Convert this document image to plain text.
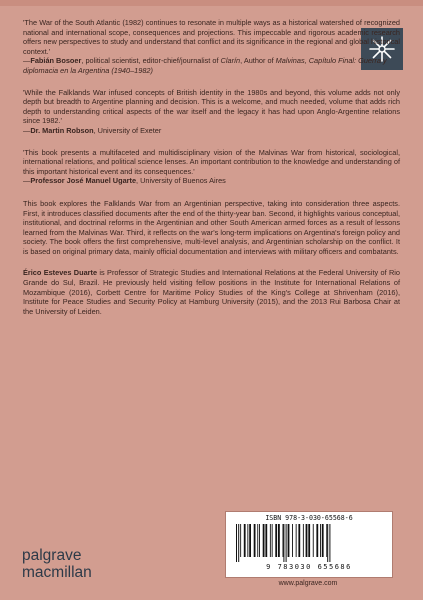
'The War of the South Atlantic (1982) continues to resonate in multiple ways as a historical watershed of recognized national and international scope, consequences and projections. This impeccable and rigorous academic research offers new perspectives to study and understand that conflict and its significance in the regional and global historical context.'

—Fabián Bosoer, political scientist, editor-chief/journalist of Clarín, Author of Malvinas, Capítulo Final: Guerra y diplomacia en la Argentina (1940–1982)

'While the Falklands War infused concepts of British identity in the 1980s and beyond, this volume adds not only depth but breadth to Argentine planning and decision. This is a welcome, and much needed, volume that adds rich depth to understanding critical aspects of the war itself and the legacy it has had upon Anglo-Argentine relations since 1982.'

—Dr. Martin Robson, University of Exeter

'This book presents a multifaceted and multidisciplinary vision of the Malvinas War from historical, sociological, international relations, and political science lenses. An important contribution to the knowledge and understanding of this important historical event and its consequences.'

—Professor José Manuel Ugarte, University of Buenos Aires

This book explores the Falklands War from an Argentinian perspective, taking into consideration three aspects. First, it introduces classified documents after the end of the thirty-year ban. Second, it highlights various conceptual, institutional, and doctrinal reforms in the Argentinian and other South American armed forces as a result of lessons learned from the Malvinas War. Third, it reflects on the war's long-term implications on Argentina's foreign policy and society. The book offers the first comprehensive, multi-level analysis, and Argentinian scholarship on the conflict. It is based on original primary data, mainly official documentation and interviews with military officers and combatants.

Érico Esteves Duarte is Professor of Strategic Studies and International Relations at the Federal University of Rio Grande do Sul, Brazil. He previously held visiting fellow positions in the Institute for International Relations of Mozambique (2016), Corbett Centre for Maritime Policy Studies of the King's College at Shrivenham (2016), Institute for Peace Studies and Security Policy at Hamburg University (2015), and the 2013 Rui Barbosa Chair at the University of Leiden.

ISBN 978-3-030-65568-6
9 783030 655686
www.palgrave.com
palgrave
macmillan
